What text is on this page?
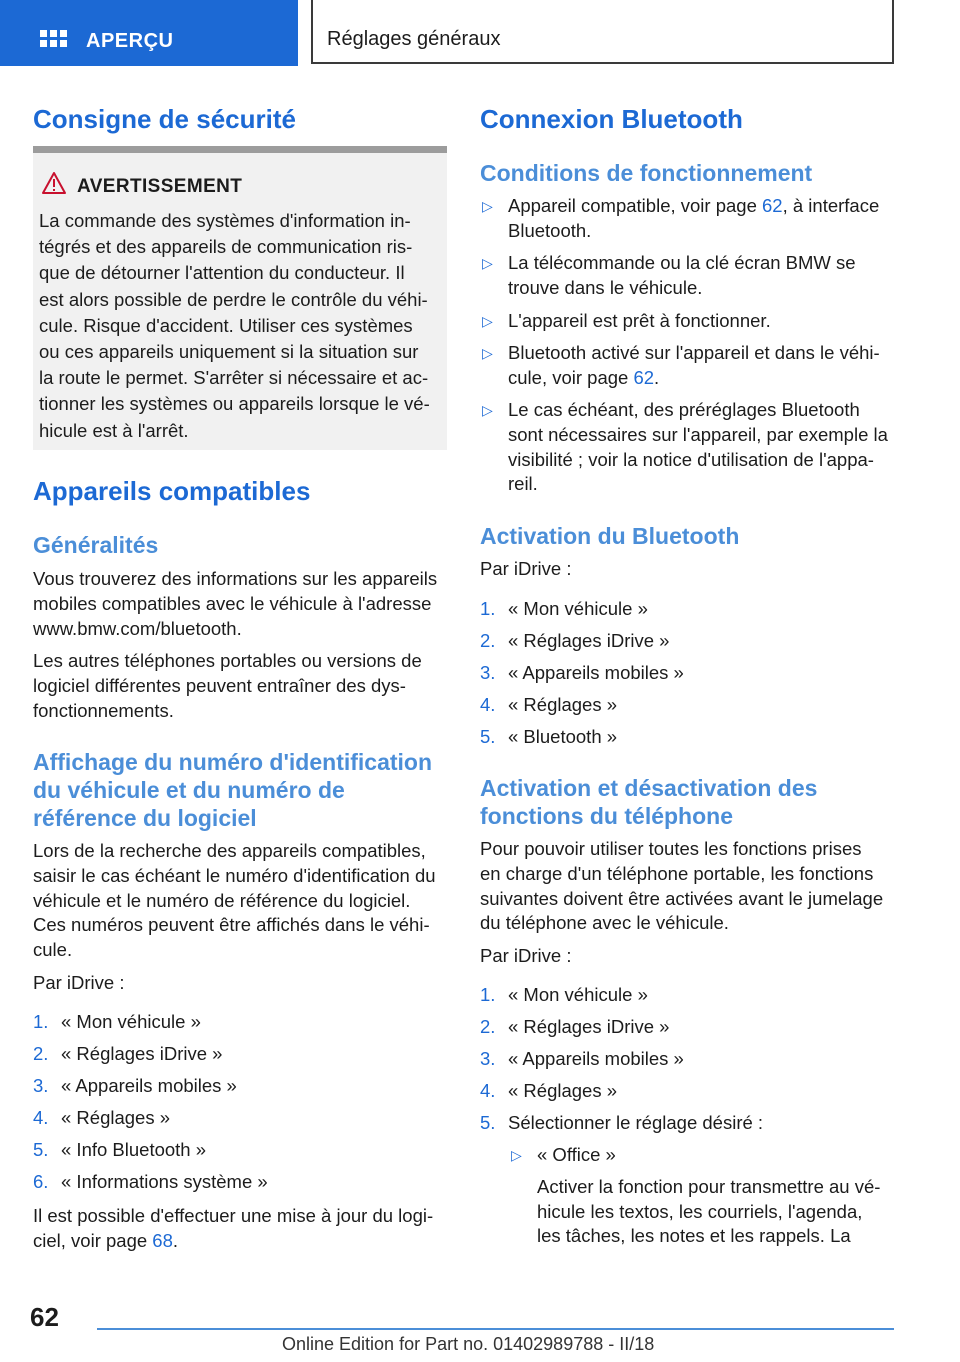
APERÇU	Réglages généraux
Consigne de sécurité
AVERTISSEMENT
La commande des systèmes d'information in-
tégrés et des appareils de communication ris-
que de détourner l'attention du conducteur. Il
est alors possible de perdre le contrôle du véhi-
cule. Risque d'accident. Utiliser ces systèmes
ou ces appareils uniquement si la situation sur
la route le permet. S'arrêter si nécessaire et ac-
tionner les systèmes ou appareils lorsque le vé-
hicule est à l'arrêt.
Appareils compatibles
Généralités
Vous trouverez des informations sur les appareils
mobiles compatibles avec le véhicule à l'adresse
www.bmw.com/bluetooth.
Les autres téléphones portables ou versions de
logiciel différentes peuvent entraîner des dys-
fonctionnements.
Affichage du numéro d'identification
du véhicule et du numéro de
référence du logiciel
Lors de la recherche des appareils compatibles,
saisir le cas échéant le numéro d'identification du
véhicule et le numéro de référence du logiciel.
Ces numéros peuvent être affichés dans le véhi-
cule.
Par iDrive :
1. « Mon véhicule »
2. « Réglages iDrive »
3. « Appareils mobiles »
4. « Réglages »
5. « Info Bluetooth »
6. « Informations système »
Il est possible d'effectuer une mise à jour du logi-
ciel, voir page 68.
Connexion Bluetooth
Conditions de fonctionnement
▷ Appareil compatible, voir page 62, à interface
Bluetooth.
▷ La télécommande ou la clé écran BMW se
trouve dans le véhicule.
▷ L'appareil est prêt à fonctionner.
▷ Bluetooth activé sur l'appareil et dans le véhi-
cule, voir page 62.
▷ Le cas échéant, des préréglages Bluetooth
sont nécessaires sur l'appareil, par exemple la
visibilité ; voir la notice d'utilisation de l'appa-
reil.
Activation du Bluetooth
Par iDrive :
1. « Mon véhicule »
2. « Réglages iDrive »
3. « Appareils mobiles »
4. « Réglages »
5. « Bluetooth »
Activation et désactivation des
fonctions du téléphone
Pour pouvoir utiliser toutes les fonctions prises
en charge d'un téléphone portable, les fonctions
suivantes doivent être activées avant le jumelage
du téléphone avec le véhicule.
Par iDrive :
1. « Mon véhicule »
2. « Réglages iDrive »
3. « Appareils mobiles »
4. « Réglages »
5. Sélectionner le réglage désiré :
▷ « Office »
Activer la fonction pour transmettre au vé-
hicule les textos, les courriels, l'agenda,
les tâches, les notes et les rappels. La
62
Online Edition for Part no. 01402989788 - II/18
